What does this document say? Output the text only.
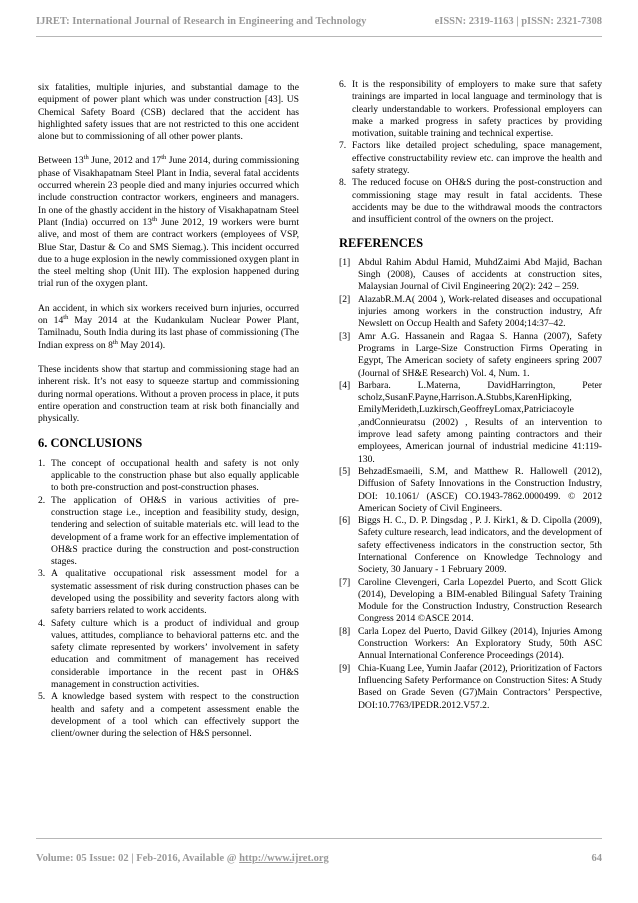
IJRET: International Journal of Research in Engineering and Technology	eISSN: 2319-1163 | pISSN: 2321-7308

six fatalities, multiple injuries, and substantial damage to the equipment of power plant which was under construction [43]. US Chemical Safety Board (CSB) declared that the accident has highlighted safety issues that are not restricted to this one accident alone but to commissioning of all other power plants.

Between 13th June, 2012 and 17th June 2014, during commissioning phase of Visakhapatnam Steel Plant in India, several fatal accidents occurred wherein 23 people died and many injuries occurred which include construction contractor workers, engineers and managers. In one of the ghastly accident in the history of Visakhapatnam Steel Plant (India) occurred on 13th June 2012, 19 workers were burnt alive, and most of them are contract workers (employees of VSP, Blue Star, Dastur & Co and SMS Siemag.). This incident occurred due to a huge explosion in the newly commissioned oxygen plant in the steel melting shop (Unit III). The explosion happened during trial run of the oxygen plant.

An accident, in which six workers received burn injuries, occurred on 14th May 2014 at the Kudankulam Nuclear Power Plant, Tamilnadu, South India during its last phase of commissioning (The Indian express on 8th May 2014).

These incidents show that startup and commissioning stage had an inherent risk. It’s not easy to squeeze startup and commissioning during normal operations. Without a proven process in place, it puts entire operation and construction team at risk both financially and physically.

6. CONCLUSIONS
1. The concept of occupational health and safety is not only applicable to the construction phase but also equally applicable to both pre-construction and post-construction phases.
2. The application of OH&S in various activities of pre-construction stage i.e., inception and feasibility study, design, tendering and selection of suitable materials etc. will lead to the development of a frame work for an effective implementation of OH&S practice during the construction and post-construction stages.
3. A qualitative occupational risk assessment model for a systematic assessment of risk during construction phases can be developed using the possibility and severity factors along with safety barriers related to work accidents.
4. Safety culture which is a product of individual and group values, attitudes, compliance to behavioral patterns etc. and the safety climate represented by workers’ involvement in safety education and commitment of management has received considerable importance in the recent past in OH&S management in construction activities.
5. A knowledge based system with respect to the construction health and safety and a competent assessment enable the development of a tool which can effectively support the client/owner during the selection of H&S personnel.
6. It is the responsibility of employers to make sure that safety trainings are imparted in local language and terminology that is clearly understandable to workers. Professional employers can make a marked progress in safety practices by providing motivation, suitable training and technical expertise.
7. Factors like detailed project scheduling, space management, effective constructability review etc. can improve the health and safety strategy.
8. The reduced focuse on OH&S during the post-construction and commissioning stage may result in fatal accidents. These accidents may be due to the withdrawal moods the contractors and insufficient control of the owners on the project.
REFERENCES
[1] Abdul Rahim Abdul Hamid, MuhdZaimi Abd Majid, Bachan Singh (2008), Causes of accidents at construction sites, Malaysian Journal of Civil Engineering 20(2): 242 – 259.
[2] AlazabR.M.A( 2004 ), Work-related diseases and occupational injuries among workers in the construction industry, Afr Newslett on Occup Health and Safety 2004;14:37–42.
[3] Amr A.G. Hassanein and Ragaa S. Hanna (2007), Safety Programs in Large-Size Construction Firms Operating in Egypt, The American society of safety engineers spring 2007 (Journal of SH&E Research) Vol. 4, Num. 1.
[4] Barbara. L.Materna, DavidHarrington, Peter scholz,SusanF.Payne,Harrison.A.Stubbs,KarenHipking, EmilyMerideth,Luzkirsch,GeoffreyLomax,Patriciacoyle ,andConnieuratsu (2002) , Results of an intervention to improve lead safety among painting contractors and their employees, American journal of industrial medicine 41:119-130.
[5] BehzadEsmaeili, S.M, and Matthew R. Hallowell (2012), Diffusion of Safety Innovations in the Construction Industry, DOI: 10.1061/ (ASCE) CO.1943-7862.0000499. © 2012 American Society of Civil Engineers.
[6] Biggs H. C., D. P. Dingsdag , P. J. Kirk1, & D. Cipolla (2009), Safety culture research, lead indicators, and the development of safety effectiveness indicators in the construction sector, 5th International Conference on Knowledge Technology and Society, 30 January - 1 February 2009.
[7] Caroline Clevengeri, Carla Lopezdel Puerto, and Scott Glick (2014), Developing a BIM-enabled Bilingual Safety Training Module for the Construction Industry, Construction Research Congress 2014 ©ASCE 2014.
[8] Carla Lopez del Puerto, David Gilkey (2014), Injuries Among Construction Workers: An Exploratory Study, 50th ASC Annual International Conference Proceedings (2014).
[9] Chia-Kuang Lee, Yumin Jaafar (2012), Prioritization of Factors Influencing Safety Performance on Construction Sites: A Study Based on Grade Seven (G7)Main Contractors’ Perspective, DOI:10.7763/IPEDR.2012.V57.2.
Volume: 05 Issue: 02 | Feb-2016, Available @ http://www.ijret.org	64
